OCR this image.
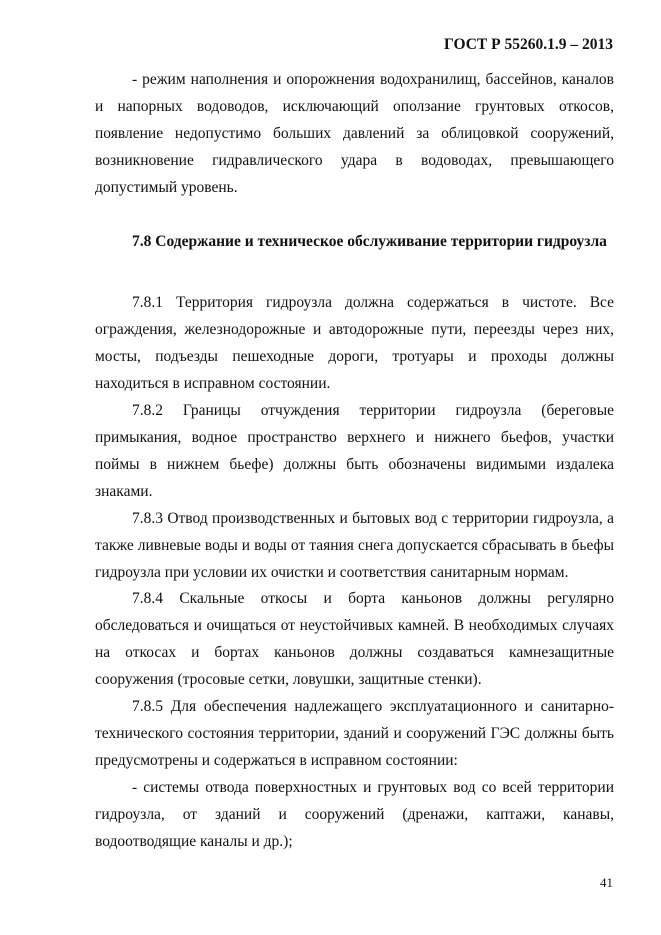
ГОСТ Р 55260.1.9 – 2013

- режим наполнения и опорожнения водохранилищ, бассейнов, каналов и напорных водоводов, исключающий оползание грунтовых откосов, появление недопустимо больших давлений за облицовкой сооружений, возникновение гидравлического удара в водоводах, превышающего допустимый уровень.

7.8 Содержание и техническое обслуживание территории гидроузла

7.8.1 Территория гидроузла должна содержаться в чистоте. Все ограждения, железнодорожные и автодорожные пути, переезды через них, мосты, подъезды пешеходные дороги, тротуары и проходы должны находиться в исправном состоянии.

7.8.2 Границы отчуждения территории гидроузла (береговые примыкания, водное пространство верхнего и нижнего бьефов, участки поймы в нижнем бьефе) должны быть обозначены видимыми издалека знаками.

7.8.3 Отвод производственных и бытовых вод с территории гидроузла, а также ливневые воды и воды от таяния снега допускается сбрасывать в бьефы гидроузла при условии их очистки и соответствия санитарным нормам.

7.8.4 Скальные откосы и борта каньонов должны регулярно обследоваться и очищаться от неустойчивых камней. В необходимых случаях на откосах и бортах каньонов должны создаваться камнезащитные сооружения (тросовые сетки, ловушки, защитные стенки).

7.8.5 Для обеспечения надлежащего эксплуатационного и санитарно-технического состояния территории, зданий и сооружений ГЭС должны быть предусмотрены и содержаться в исправном состоянии:

- системы отвода поверхностных и грунтовых вод со всей территории гидроузла, от зданий и сооружений (дренажи, каптажи, канавы, водоотводящие каналы и др.);

41
